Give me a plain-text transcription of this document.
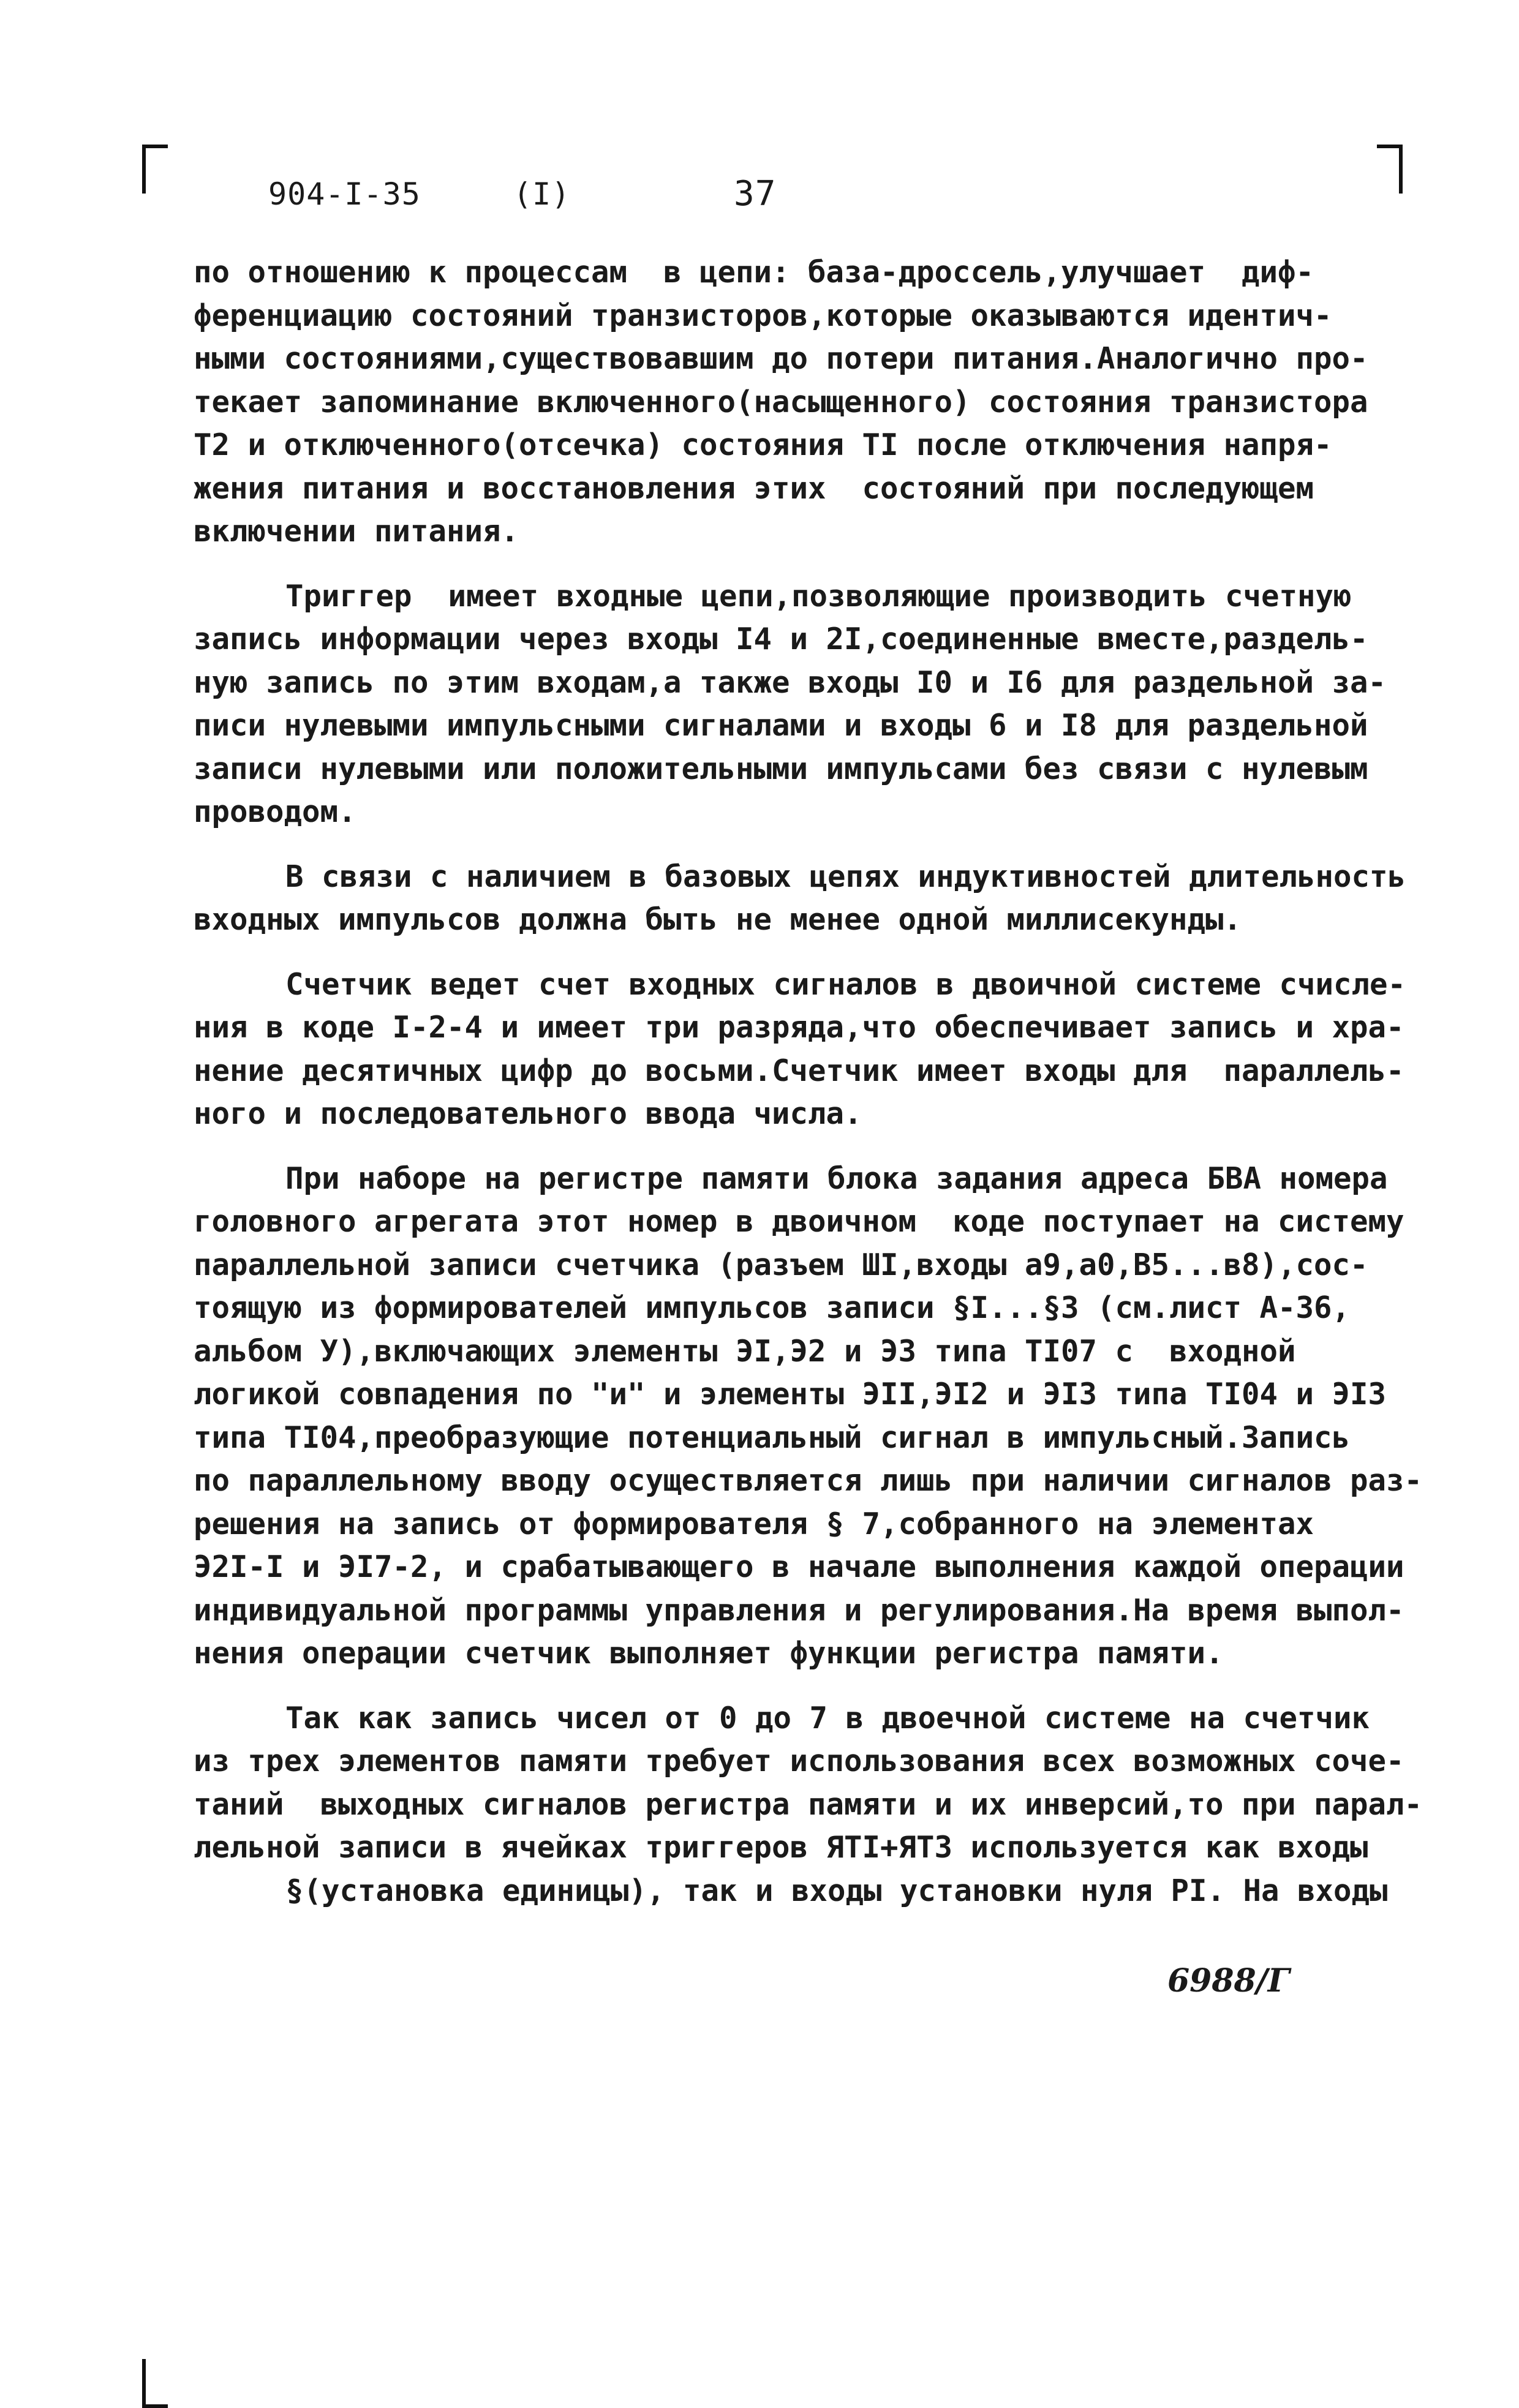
904-I-35	(I)	37

по отношению к процессам  в цепи: база-дроссель,улучшает  диф-
ференциацию состояний транзисторов,которые оказываются идентич-
ными состояниями,существовавшим до потери питания.Аналогично про-
текает запоминание включенного(насыщенного) состояния транзистора
Т2 и отключенного(отсечка) состояния ТI после отключения напря-
жения питания и восстановления этих  состояний при последующем
включении питания.

Триггер  имеет входные цепи,позволяющие производить счетную
запись информации через входы I4 и 2I,соединенные вместе,раздель-
ную запись по этим входам,а также входы I0 и I6 для раздельной за-
писи нулевыми импульсными сигналами и входы 6 и I8 для раздельной
записи нулевыми или положительными импульсами без связи с нулевым
проводом.

В связи с наличием в базовых цепях индуктивностей длительность
входных импульсов должна быть не менее одной миллисекунды.

Счетчик ведет счет входных сигналов в двоичной системе счисле-
ния в коде I-2-4 и имеет три разряда,что обеспечивает запись и хра-
нение десятичных цифр до восьми.Счетчик имеет входы для  параллель-
ного и последовательного ввода числа.

При наборе на регистре памяти блока задания адреса БВА номера
головного агрегата этот номер в двоичном  коде поступает на систему
параллельной записи счетчика (разъем ШI,входы а9,а0,В5...в8),сос-
тоящую из формирователей импульсов записи §I...§3 (см.лист А-36,
альбом У),включающих элементы ЭI,Э2 и Э3 типа ТI07 с  входной
логикой совпадения по "и" и элементы ЭII,ЭI2 и ЭI3 типа ТI04 и ЭI3
типа ТI04,преобразующие потенциальный сигнал в импульсный.Запись
по параллельному вводу осуществляется лишь при наличии сигналов раз-
решения на запись от формирователя § 7,собранного на элементах
Э2I-I и ЭI7-2, и срабатывающего в начале выполнения каждой операции
индивидуальной программы управления и регулирования.На время выпол-
нения операции счетчик выполняет функции регистра памяти.

Так как запись чисел от 0 до 7 в двоечной системе на счетчик
из трех элементов памяти требует использования всех возможных соче-
таний  выходных сигналов регистра памяти и их инверсий,то при парал-
лельной записи в ячейках триггеров ЯТI+ЯТ3 используется как входы
§(установка единицы), так и входы установки нуля РI. На входы

6988/Г
